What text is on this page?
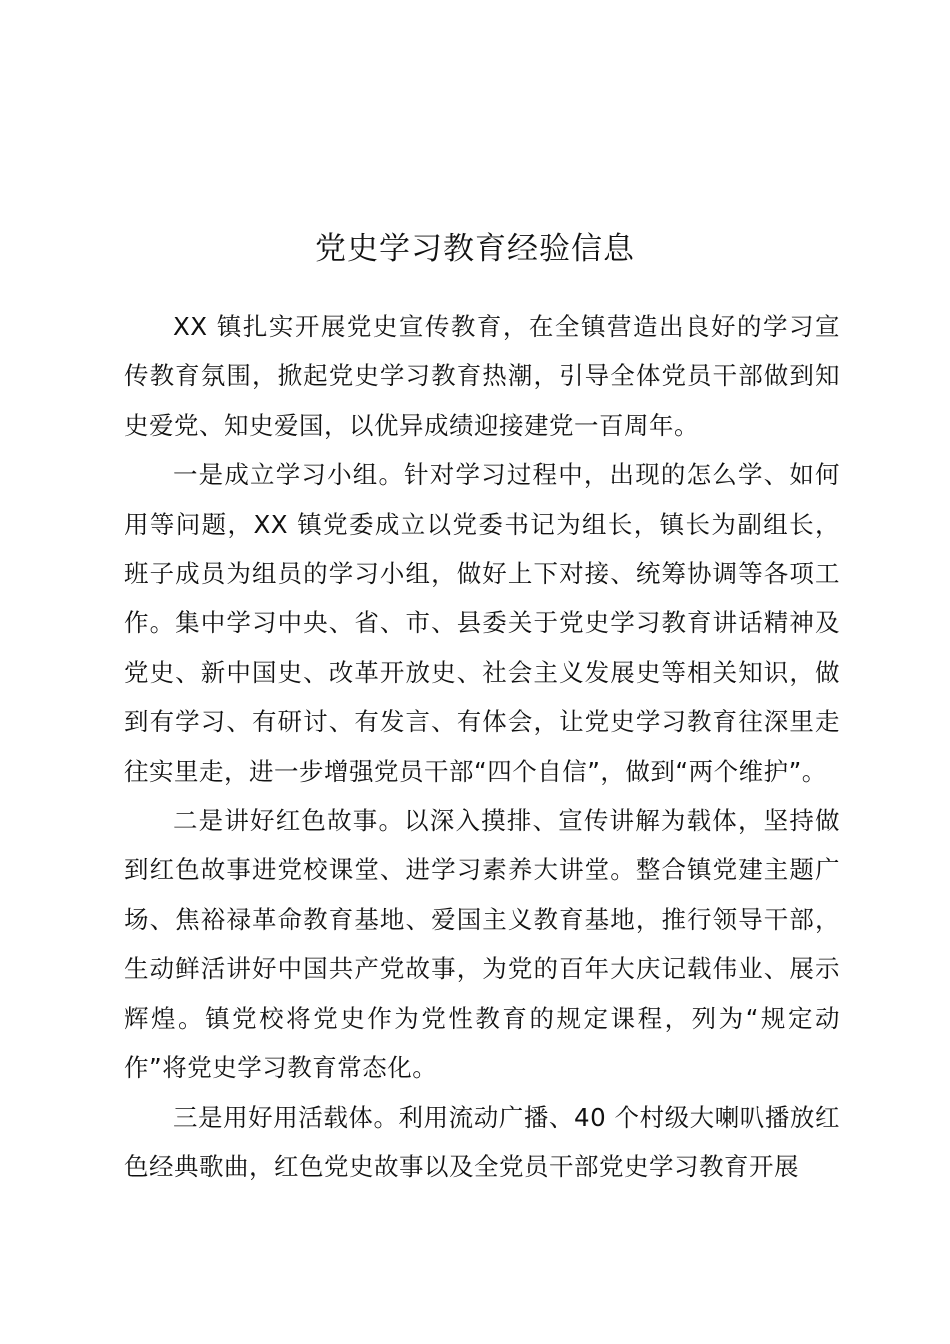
党史学习教育经验信息

XX 镇扎实开展党史宣传教育，在全镇营造出良好的学习宣传教育氛围，掀起党史学习教育热潮，引导全体党员干部做到知史爱党、知史爱国，以优异成绩迎接建党一百周年。

一是成立学习小组。针对学习过程中，出现的怎么学、如何用等问题，XX 镇党委成立以党委书记为组长，镇长为副组长，班子成员为组员的学习小组，做好上下对接、统筹协调等各项工作。集中学习中央、省、市、县委关于党史学习教育讲话精神及党史、新中国史、改革开放史、社会主义发展史等相关知识，做到有学习、有研讨、有发言、有体会，让党史学习教育往深里走往实里走，进一步增强党员干部“四个自信”，做到“两个维护”。

二是讲好红色故事。以深入摸排、宣传讲解为载体，坚持做到红色故事进党校课堂、进学习素养大讲堂。整合镇党建主题广场、焦裕禄革命教育基地、爱国主义教育基地，推行领导干部，生动鲜活讲好中国共产党故事，为党的百年大庆记载伟业、展示辉煌。镇党校将党史作为党性教育的规定课程，列为“规定动作”将党史学习教育常态化。

三是用好用活载体。利用流动广播、40 个村级大喇叭播放红色经典歌曲，红色党史故事以及全党员干部党史学习教育开展
